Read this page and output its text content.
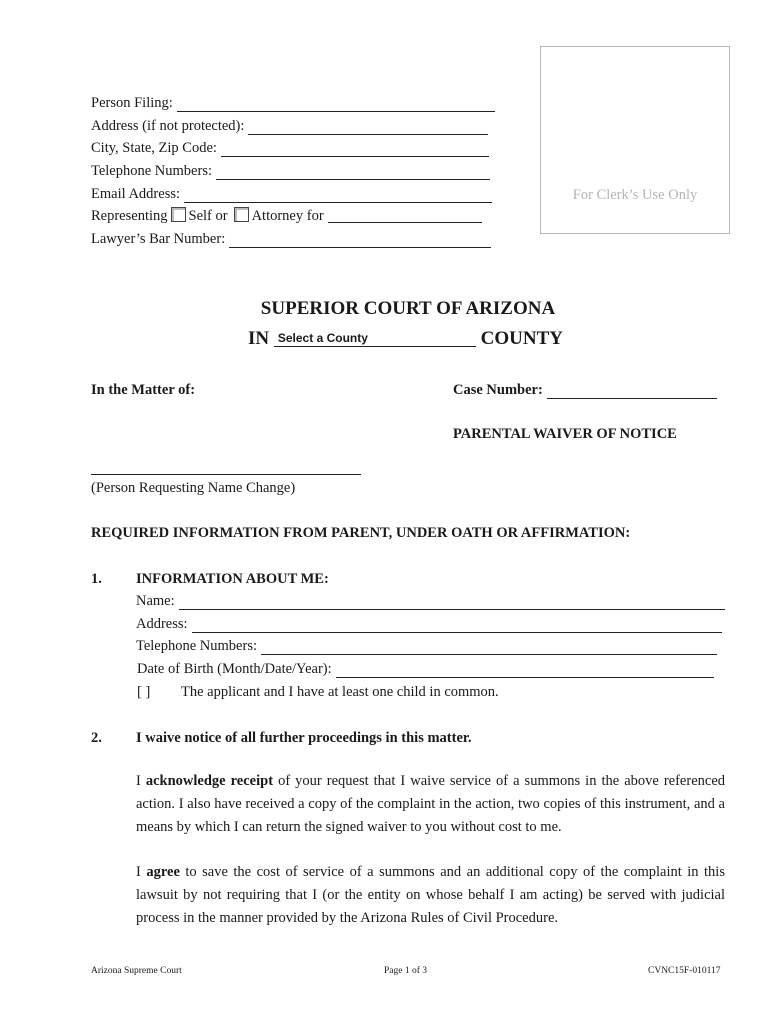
Person Filing:
Address (if not protected):
City, State, Zip Code:
Telephone Numbers:
Email Address:
Representing Self or Attorney for
Lawyer’s Bar Number:
For Clerk’s Use Only
SUPERIOR COURT OF ARIZONA
IN Select a County	COUNTY
In the Matter of:	Case Number:
PARENTAL WAIVER OF NOTICE
(Person Requesting Name Change)
REQUIRED INFORMATION FROM PARENT, UNDER OATH OR AFFIRMATION:
1. INFORMATION ABOUT ME:
Name:
Address:
Telephone Numbers:
Date of Birth (Month/Date/Year):
[ ] The applicant and I have at least one child in common.
2. I waive notice of all further proceedings in this matter.
I acknowledge receipt of your request that I waive service of a summons in the above referenced action. I also have received a copy of the complaint in the action, two copies of this instrument, and a means by which I can return the signed waiver to you without cost to me.
I agree to save the cost of service of a summons and an additional copy of the complaint in this lawsuit by not requiring that I (or the entity on whose behalf I am acting) be served with judicial process in the manner provided by the Arizona Rules of Civil Procedure.
Arizona Supreme Court	Page 1 of 3	CVNC15F-010117
